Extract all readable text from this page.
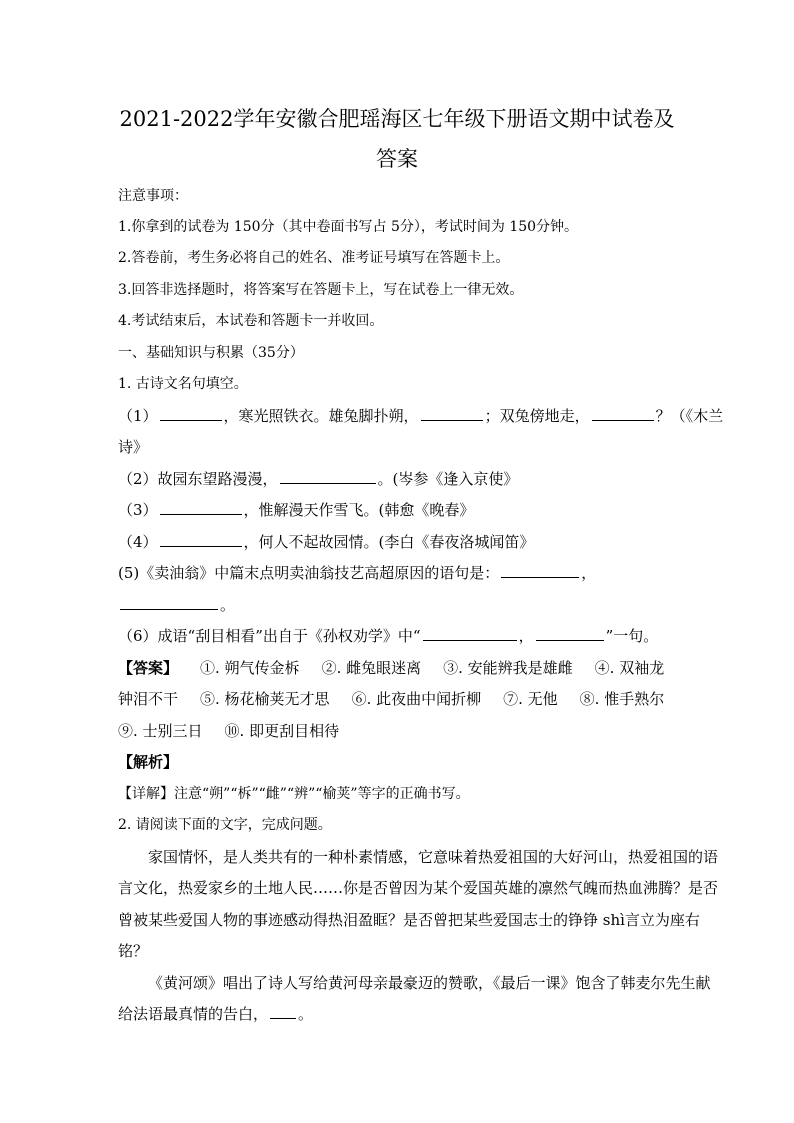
2021-2022学年安徽合肥瑶海区七年级下册语文期中试卷及
答案
注意事项：
1.你拿到的试卷为 150分（其中卷面书写占 5分），考试时间为 150分钟。
2.答卷前，考生务必将自己的姓名、准考证号填写在答题卡上。
3.回答非选择题时，将答案写在答题卡上，写在试卷上一律无效。
4.考试结束后，本试卷和答题卡一并收回。
一、基础知识与积累（35分）
1. 古诗文名句填空。
（1）	，寒光照铁衣。雄兔脚扑朔，	；双兔傍地走，	？（《木兰
诗》
（2）故园东望路漫漫，	。(岑参《逢入京使》
（3）	，惟解漫天作雪飞。(韩愈《晚春》
（4）	，何人不起故园情。(李白《春夜洛城闻笛》
(5)《卖油翁》中篇末点明卖油翁技艺高超原因的语句是：	，
。
（6）成语“刮目相看”出自于《孙权劝学》中“	，	”一句。
【答案】 ①. 朔气传金柝 ②. 雌兔眼迷离 ③. 安能辨我是雄雌 ④. 双袖龙
钟泪不干 ⑤. 杨花榆荚无才思 ⑥. 此夜曲中闻折柳 ⑦. 无他 ⑧. 惟手熟尔
⑨. 士别三日 ⑩. 即更刮目相待
【解析】
【详解】注意“朔”“柝”“雌”“辨”“榆荚”等字的正确书写。
2. 请阅读下面的文字，完成问题。
家国情怀，是人类共有的一种朴素情感，它意味着热爱祖国的大好河山，热爱祖国的语
言文化，热爱家乡的土地人民……你是否曾因为某个爱国英雄的凛然气魄而热血沸腾？是否
曾被某些爱国人物的事迹感动得热泪盈眶？是否曾把某些爱国志士的铮铮 shì言立为座右
铭？
《黄河颂》唱出了诗人写给黄河母亲最豪迈的赞歌，《最后一课》饱含了韩麦尔先生献
给法语最真情的告白， 。
